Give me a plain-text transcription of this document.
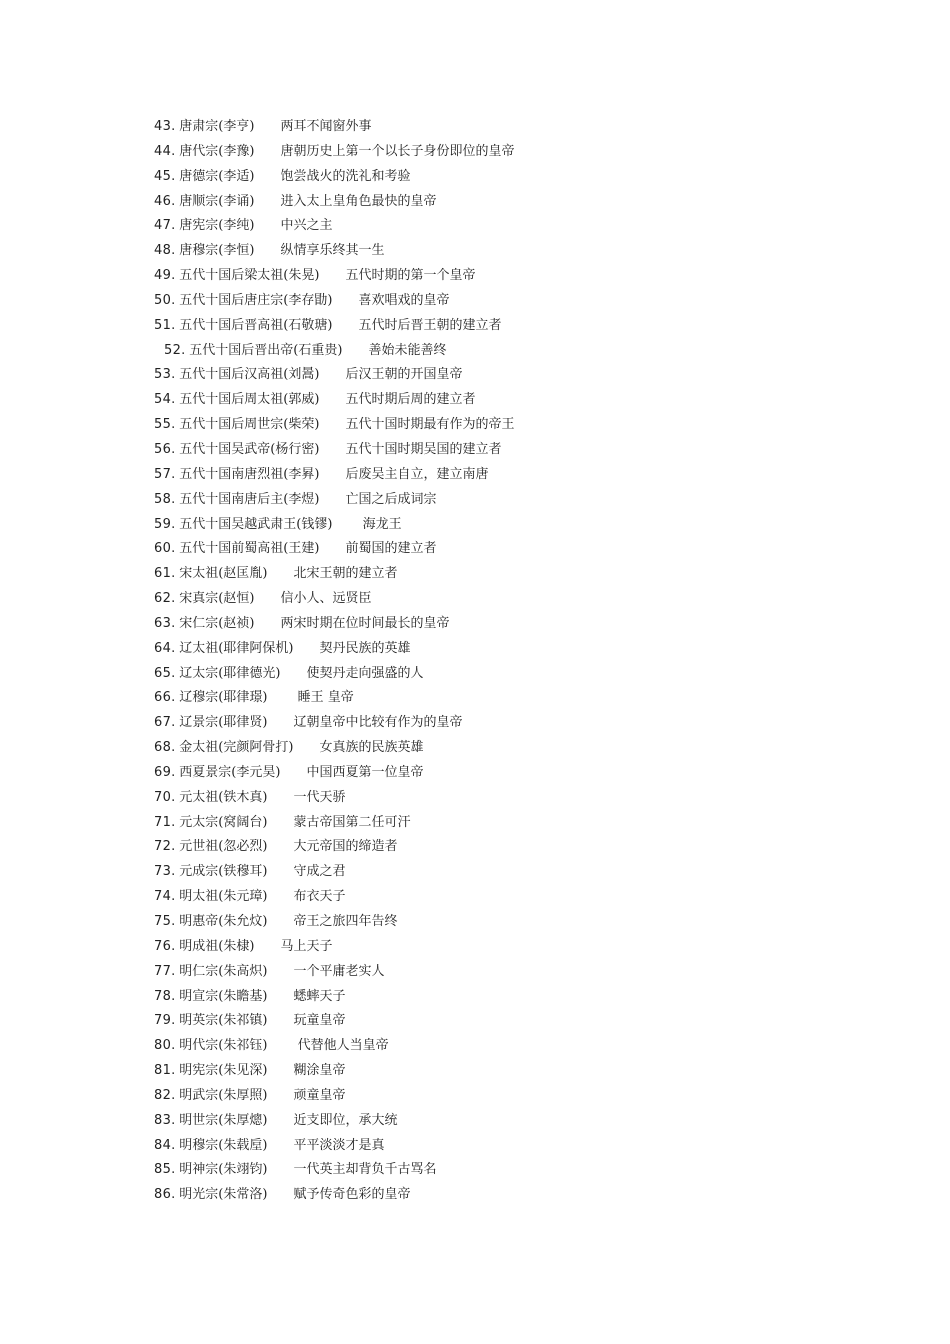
43. 唐肃宗(李亨)　　 两耳不闻窗外事
44. 唐代宗(李豫)　　 唐朝历史上第一个以长子身份即位的皇帝
45. 唐德宗(李适)　　 饱尝战火的洗礼和考验
46. 唐顺宗(李诵)　　 进入太上皇角色最快的皇帝
47. 唐宪宗(李纯)　　 中兴之主
48. 唐穆宗(李恒)　　 纵情享乐终其一生
49. 五代十国后梁太祖(朱晃)　　 五代时期的第一个皇帝
50. 五代十国后唐庄宗(李存勖)　　 喜欢唱戏的皇帝
51. 五代十国后晋高祖(石敬瑭)　　 五代时后晋王朝的建立者
52. 五代十国后晋出帝(石重贵)　　 善始未能善终
53. 五代十国后汉高祖(刘暠)　　 后汉王朝的开国皇帝
54. 五代十国后周太祖(郭威)　　 五代时期后周的建立者
55. 五代十国后周世宗(柴荣)　　 五代十国时期最有作为的帝王
56. 五代十国吴武帝(杨行密)　　 五代十国时期吴国的建立者
57. 五代十国南唐烈祖(李昪)　　 后废吴主自立，建立南唐
58. 五代十国南唐后主(李煜)　　 亡国之后成词宗
59. 五代十国吴越武肃王(钱镠)　　 海龙王
60. 五代十国前蜀高祖(王建)　　 前蜀国的建立者
61. 宋太祖(赵匡胤)　　 北宋王朝的建立者
62. 宋真宗(赵恒)　　 信小人、远贤臣
63. 宋仁宗(赵祯)　　 两宋时期在位时间最长的皇帝
64. 辽太祖(耶律阿保机)　　 契丹民族的英雄
65. 辽太宗(耶律德光)　　 使契丹走向强盛的人
66. 辽穆宗(耶律璟)　　 睡王 皇帝
67. 辽景宗(耶律贤)　　 辽朝皇帝中比较有作为的皇帝
68. 金太祖(完颜阿骨打)　　 女真族的民族英雄
69. 西夏景宗(李元昊)　　 中国西夏第一位皇帝
70. 元太祖(铁木真)　　 一代天骄
71. 元太宗(窝阔台)　　 蒙古帝国第二任可汗
72. 元世祖(忽必烈)　　 大元帝国的缔造者
73. 元成宗(铁穆耳)　　 守成之君
74. 明太祖(朱元璋)　　 布衣天子
75. 明惠帝(朱允炆)　　 帝王之旅四年告终
76. 明成祖(朱棣)　　 马上天子
77. 明仁宗(朱高炽)　　 一个平庸老实人
78. 明宣宗(朱瞻基)　　 蟋蟀天子
79. 明英宗(朱祁镇)　　 玩童皇帝
80. 明代宗(朱祁钰)　　 代替他人当皇帝
81. 明宪宗(朱见深)　　 糊涂皇帝
82. 明武宗(朱厚照)　　 顽童皇帝
83. 明世宗(朱厚熜)　　 近支即位，承大统
84. 明穆宗(朱载垕)　　 平平淡淡才是真
85. 明神宗(朱翊钧)　　 一代英主却背负千古骂名
86. 明光宗(朱常洛)　　 赋予传奇色彩的皇帝
